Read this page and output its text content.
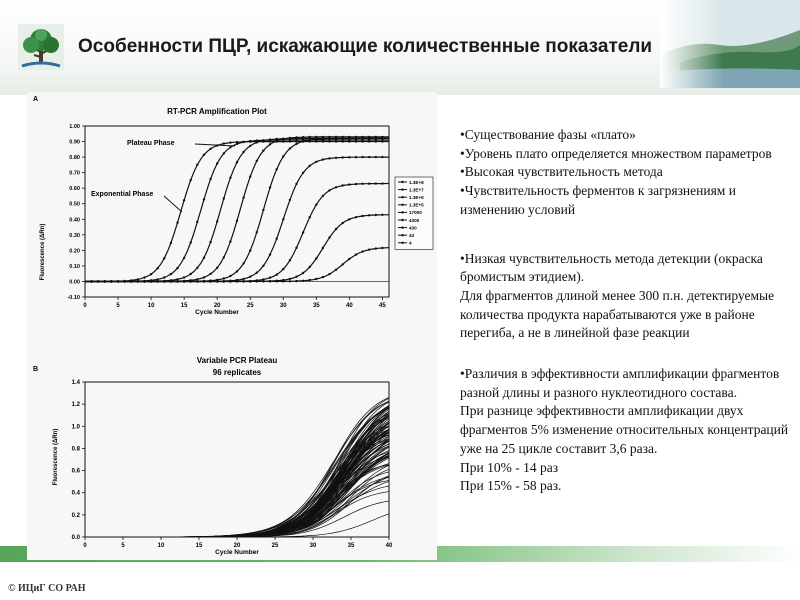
Особенности ПЦР, искажающие количественные показатели
© ИЦиГ СО РАН
A
RT-PCR Amplification Plot
Cycle Number
Fluorescence (ΔRn)
Plateau Phase
Exponential Phase
0	5	10	15	20	25	30	35	40	45
1.00
0.90
0.80
0.70
0.60
0.50
0.40
0.30
0.20
0.10
0.00
-0.10
1.3E+8
1.3E+7
1.3E+6
1.3E+5
17000
4300
430
43
4
B
Variable PCR Plateau
96 replicates
Cycle Number
Fluorescence (ΔRn)
0	5	10	15	20	25	30	35	40
1.4
1.2
1.0
0.8
0.6
0.4
0.2
0.0

•Существование фазы «плато»

•Уровень плато определяется множеством параметров

•Высокая чувствительность метода

•Чувствительность ферментов к загрязнениям и изменению условий

•Низкая чувствительность метода детекции (окраска бромистым этидием).

Для фрагментов длиной менее 300 п.н. детектируемые количества продукта нарабатываются уже в районе перегиба, а не в линейной фазе реакции

•Различия в эффективности амплификации фрагментов разной длины и разного нуклеотидного состава.

При разнице эффективности амплификации двух фрагментов 5% изменение относительных концентраций уже на 25 цикле составит 3,6 раза.

При 10% - 14 раз

При 15% - 58 раз.
